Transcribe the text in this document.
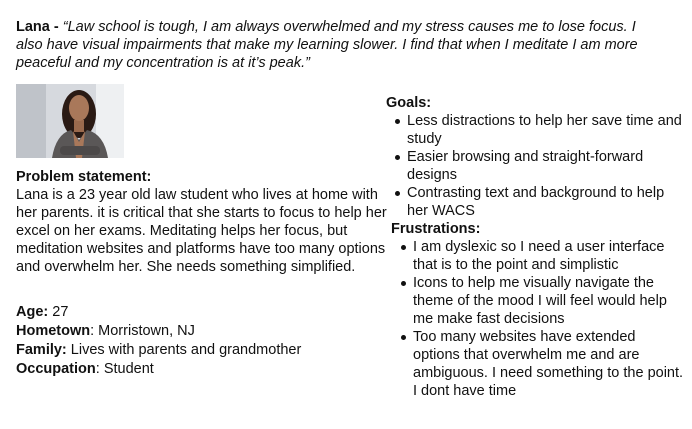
Lana - “Law school is tough, I am always overwhelmed and my stress causes me to lose focus. I also have visual impairments that make my learning slower. I find that when I meditate I am more peaceful and my concentration is at it’s peak.”
Problem statement:
Lana is a 23 year old law student who lives at home with her parents. it is critical that she starts to focus to help her excel on her exams. Meditating helps her focus, but meditation websites and platforms have too many options and overwhelm her. She needs something simplified.
Age: 27
Hometown: Morristown, NJ
Family: Lives with parents and grandmother
Occupation: Student
Goals:
Less distractions to help her save time and study
Easier browsing and straight-forward designs
Contrasting text and background to help her WACS
Frustrations:
I am dyslexic so I need a user interface that is to the point and simplistic
Icons to help me visually navigate the theme of the mood I will feel would help me make fast decisions
Too many websites have extended options that overwhelm me and are ambiguous. I need something to the point. I dont have time
